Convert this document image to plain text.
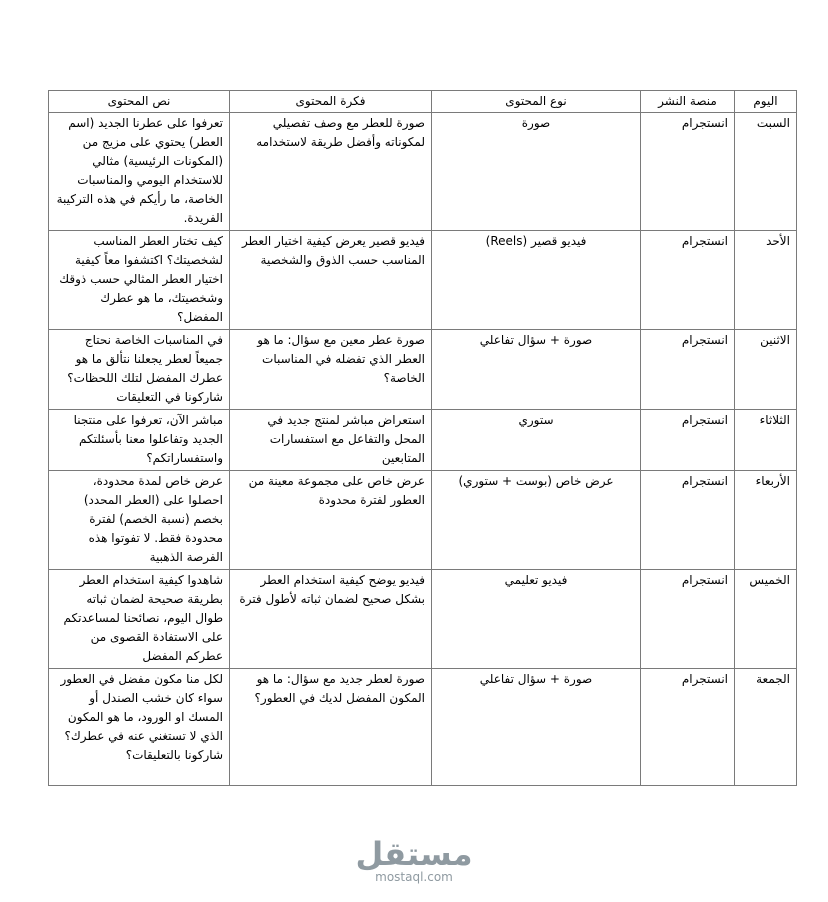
اليوم	منصة النشر	نوع المحتوى	فكرة المحتوى	نص المحتوى
السبت	انستجرام	صورة	صورة للعطر مع وصف تفصيلي لمكوناته وأفضل طريقة لاستخدامه	تعرفوا على عطرنا الجديد (اسم العطر) يحتوي على مزيج من (المكونات الرئيسية) مثالي للاستخدام اليومي والمناسبات الخاصة، ما رأيكم في هذه التركيبة الفريدة.
الأحد	انستجرام	فيديو قصير (Reels)	فيديو قصير يعرض كيفية اختيار العطر المناسب حسب الذوق والشخصية	كيف تختار العطر المناسب لشخصيتك؟ اكتشفوا معاً كيفية اختيار العطر المثالي حسب ذوقك وشخصيتك، ما هو عطرك المفضل؟
الاثنين	انستجرام	صورة + سؤال تفاعلي	صورة عطر معين مع سؤال: ما هو العطر الذي تفضله في المناسبات الخاصة؟	في المناسبات الخاصة نحتاج جميعاً لعطر يجعلنا نتألق ما هو عطرك المفضل لتلك اللحظات؟ شاركونا في التعليقات
الثلاثاء	انستجرام	ستوري	استعراض مباشر لمنتج جديد في المحل والتفاعل مع استفسارات المتابعين	مباشر الآن، تعرفوا على منتجنا الجديد وتفاعلوا معنا بأسئلتكم واستفساراتكم؟
الأربعاء	انستجرام	عرض خاص (بوست + ستوري)	عرض خاص على مجموعة معينة من العطور لفترة محدودة	عرض خاص لمدة محدودة، احصلوا على (العطر المحدد) بخصم (نسبة الخصم) لفترة محدودة فقط. لا تفوتوا هذه الفرصة الذهبية
الخميس	انستجرام	فيديو تعليمي	فيديو يوضح كيفية استخدام العطر بشكل صحيح لضمان ثباته لأطول فترة	شاهدوا كيفية استخدام العطر بطريقة صحيحة لضمان ثباته طوال اليوم، نصائحنا لمساعدتكم على الاستفادة القصوى من عطركم المفضل
الجمعة	انستجرام	صورة + سؤال تفاعلي	صورة لعطر جديد مع سؤال: ما هو المكون المفضل لديك في العطور؟	لكل منا مكون مفضل في العطور سواء كان خشب الصندل أو المسك او الورود، ما هو المكون الذي لا تستغني عنه في عطرك؟ شاركونا بالتعليقات؟
مستقل
mostaql.com
